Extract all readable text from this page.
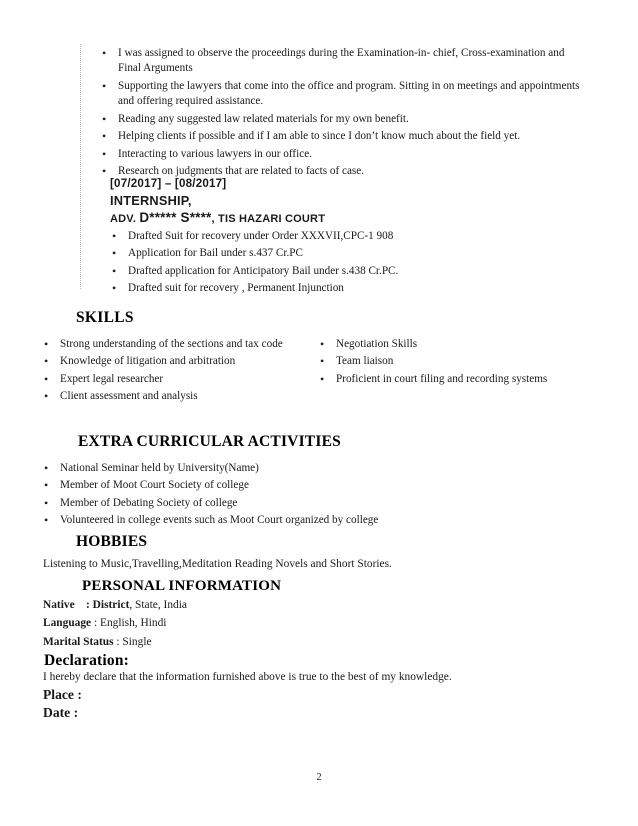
• I was assigned to observe the proceedings during the Examination-in- chief, Cross-examination and Final Arguments
• Supporting the lawyers that come into the office and program. Sitting in on meetings and appointments and offering required assistance.
• Reading any suggested law related materials for my own benefit.
• Helping clients if possible and if I am able to since I don’t know much about the field yet.
• Interacting to various lawyers in our office.
• Research on judgments that are related to facts of case.
[07/2017] – [08/2017]
INTERNSHIP,
ADV. D***** S****, TIS HAZARI COURT
• Drafted Suit for recovery under Order XXXVII,CPC-1 908
• Application for Bail under s.437 Cr.PC
• Drafted application for Anticipatory Bail under s.438 Cr.PC.
• Drafted suit for recovery , Permanent Injunction
SKILLS
• Strong understanding of the sections and tax code
• Knowledge of litigation and arbitration
• Expert legal researcher
• Client assessment and analysis
• Negotiation Skills
• Team liaison
• Proficient in court filing and recording systems
EXTRA CURRICULAR ACTIVITIES
• National Seminar held by University(Name)
• Member of Moot Court Society of college
• Member of Debating Society of college
• Volunteered in college events such as Moot Court organized by college
HOBBIES
Listening to Music,Travelling,Meditation Reading Novels and Short Stories.
PERSONAL INFORMATION
Native : District, State, India
Language : English, Hindi
Marital Status : Single
Declaration:
I hereby declare that the information furnished above is true to the best of my knowledge.
Place :
Date :
2
